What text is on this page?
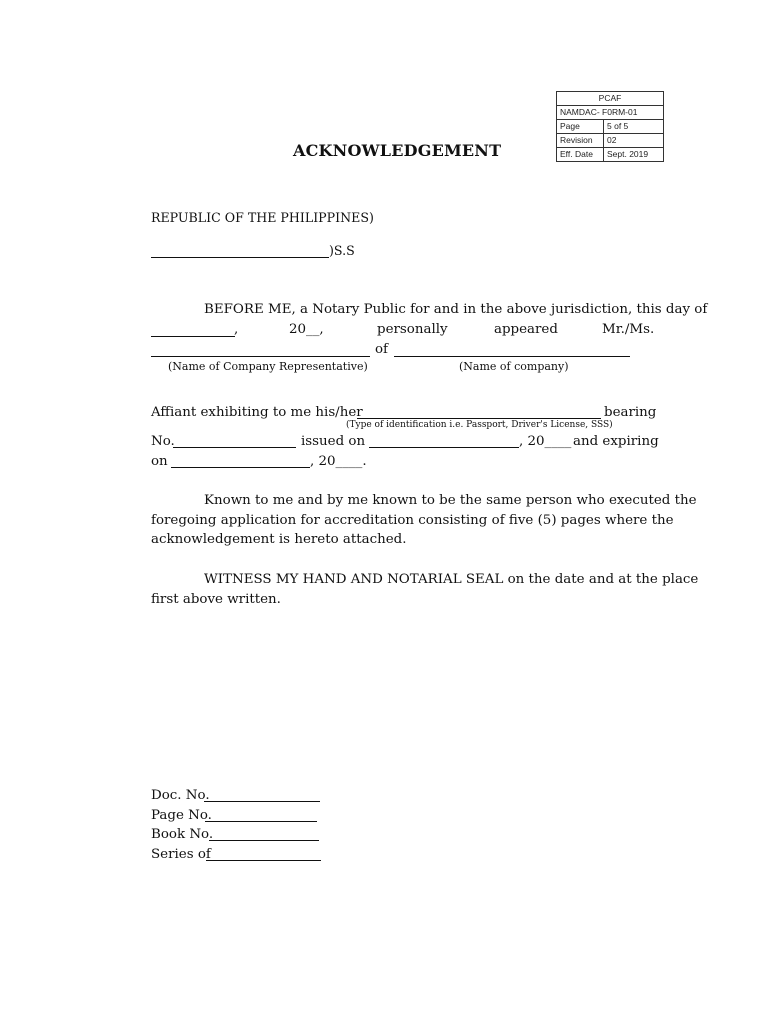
PCAF	
NAMDAC- F0RM-01	
Page	5 of 5
Revision	02
Eff. Date	Sept. 2019
ACKNOWLEDGEMENT
REPUBLIC OF THE PHILIPPINES)
)S.S
BEFORE ME, a Notary Public for and in the above jurisdiction, this day of
,	20__,	personally	appeared	Mr./Ms.
of
(Name of Company Representative)	(Name of company)
Affiant exhibiting to me his/her	bearing
(Type of identification i.e. Passport, Driver's License, SSS)
No.	issued on	, 20____ and expiring
on	, 20____.
Known to me and by me known to be the same person who executed the
foregoing application for accreditation consisting of five (5) pages where the
acknowledgement is hereto attached.
WITNESS MY HAND AND NOTARIAL SEAL on the date and at the place
first above written.
Doc. No.
Page No.
Book No.
Series of
